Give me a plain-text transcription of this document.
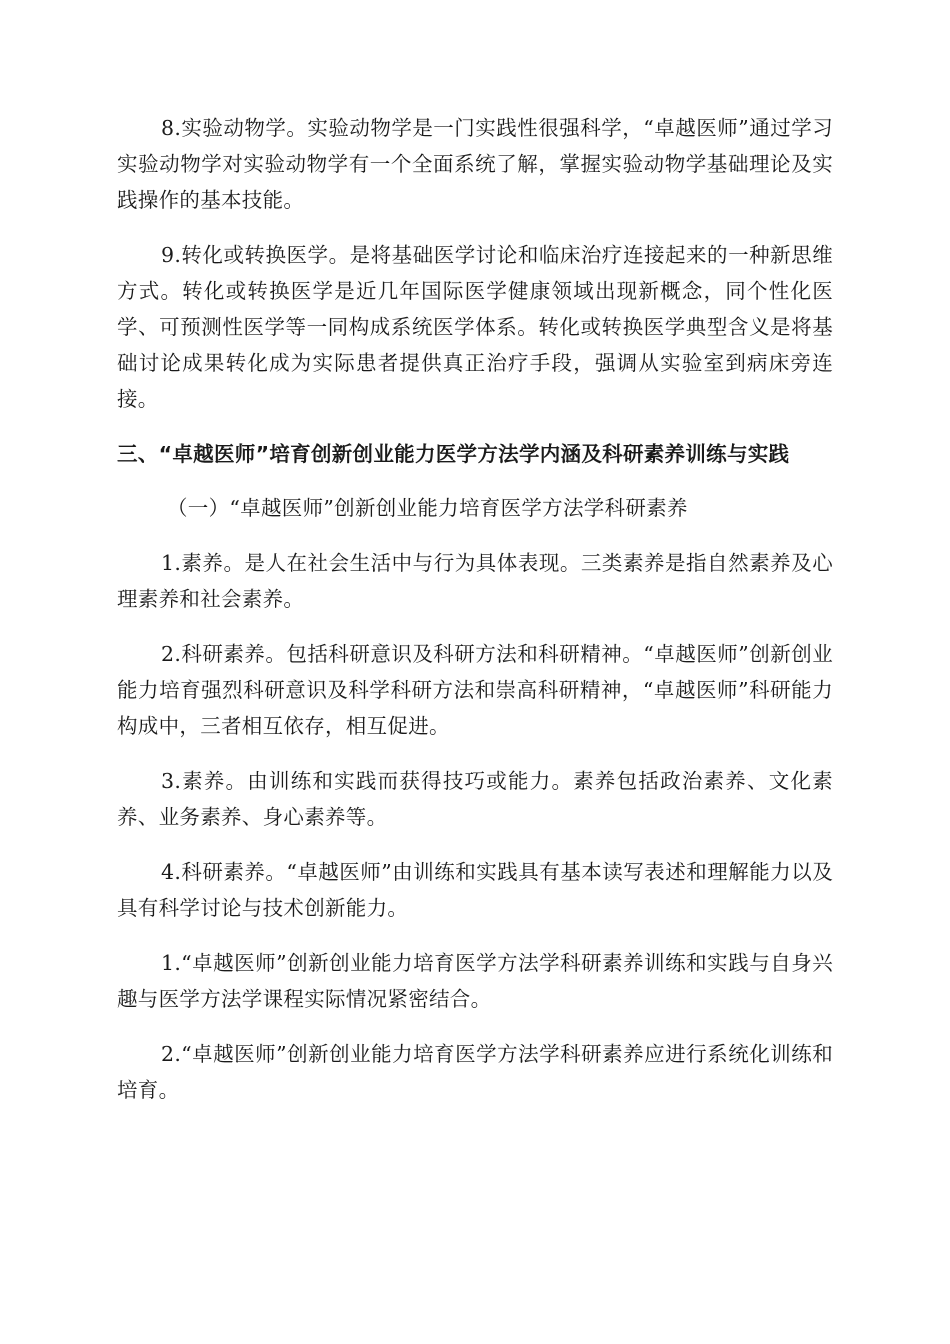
8.实验动物学。实验动物学是一门实践性很强科学，“卓越医师”通过学习实验动物学对实验动物学有一个全面系统了解，掌握实验动物学基础理论及实践操作的基本技能。

9.转化或转换医学。是将基础医学讨论和临床治疗连接起来的一种新思维方式。转化或转换医学是近几年国际医学健康领域出现新概念，同个性化医学、可预测性医学等一同构成系统医学体系。转化或转换医学典型含义是将基础讨论成果转化成为实际患者提供真正治疗手段，强调从实验室到病床旁连接。

三、“卓越医师”培育创新创业能力医学方法学内涵及科研素养训练与实践

（一）“卓越医师”创新创业能力培育医学方法学科研素养

1.素养。是人在社会生活中与行为具体表现。三类素养是指自然素养及心理素养和社会素养。

2.科研素养。包括科研意识及科研方法和科研精神。“卓越医师”创新创业能力培育强烈科研意识及科学科研方法和崇高科研精神，“卓越医师”科研能力构成中，三者相互依存，相互促进。

3.素养。由训练和实践而获得技巧或能力。素养包括政治素养、文化素养、业务素养、身心素养等。

4.科研素养。“卓越医师”由训练和实践具有基本读写表述和理解能力以及具有科学讨论与技术创新能力。

1.“卓越医师”创新创业能力培育医学方法学科研素养训练和实践与自身兴趣与医学方法学课程实际情况紧密结合。

2.“卓越医师”创新创业能力培育医学方法学科研素养应进行系统化训练和培育。
